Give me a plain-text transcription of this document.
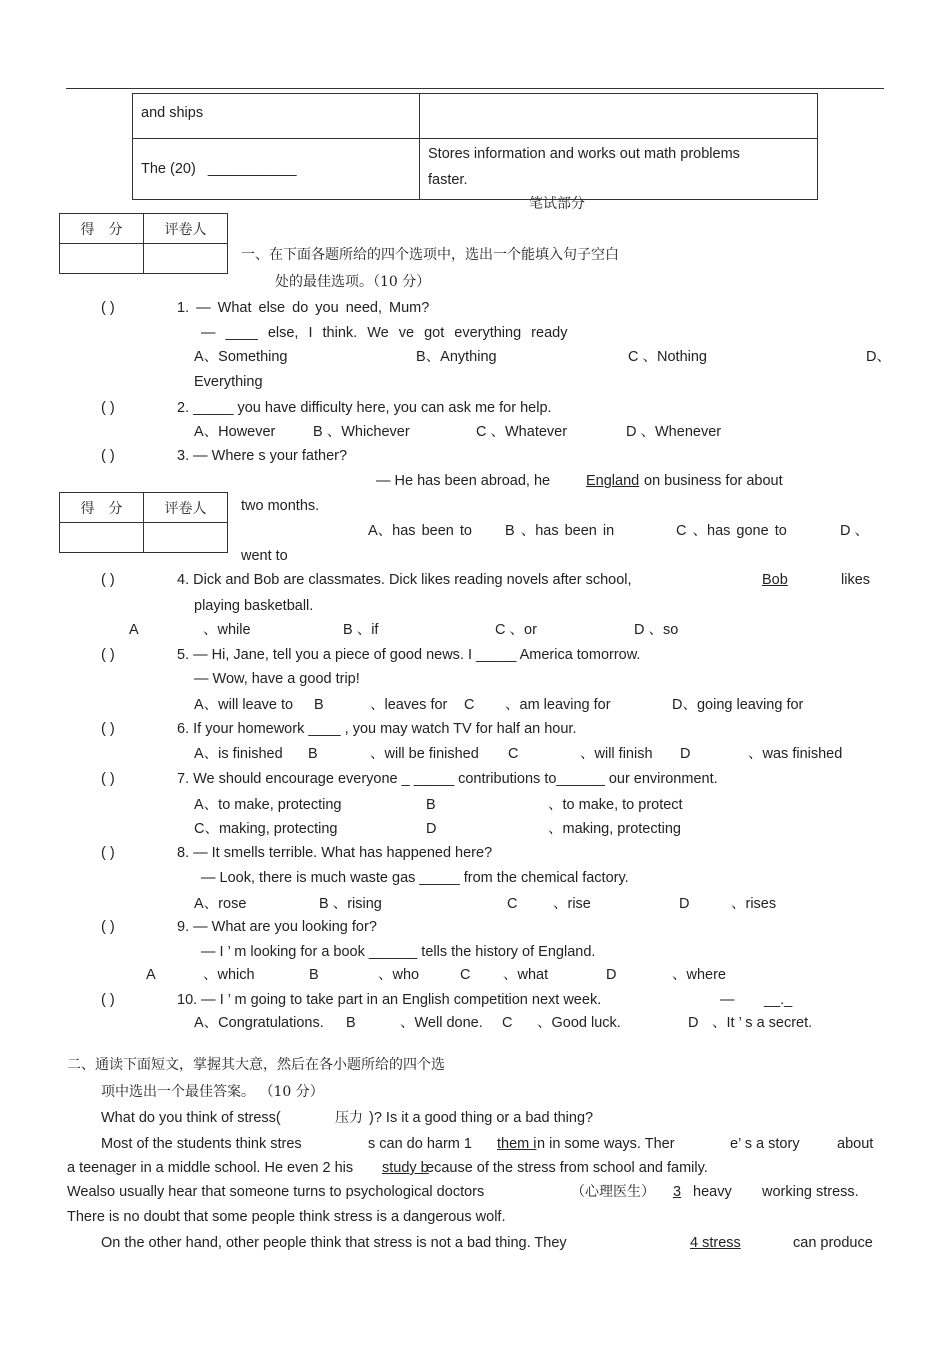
and ships	
The (20) ___________	Stores information and works out math problems
faster.
笔试部分
得　分	评卷人

一、在下面各题所给的四个选项中，选出一个能填入句子空白
处的最佳选项。（10 分）
( )	1. — What else do you need, Mum?
— ____ else, I think. We ve got everything ready
A、Something	B、Anything	C 、Nothing	D、
Everything
( )	2. _____ you have difficulty here, you can ask me for help.
A、However	B 、Whichever	C 、Whatever	D 、Whenever
( )	3. — Where s your father?
— He has been abroad, he England on business for about
得　分	评卷人
	two months.
A、has been to B 、has been in	C 、has gone to	D 、
went to
( )	4. Dick and Bob are classmates. Dick likes reading novels after school,	Bob	likes
playing basketball.
A	、while	B 、if	C 、or	D 、so
( )	5. — Hi, Jane, tell you a piece of good news. I _____ America tomorrow.
— Wow, have a good trip!
A、will leave to B	、leaves for C 、am leaving for	D、going leaving for
( )	6. If your homework ____ , you may watch TV for half an hour.
A、is finished B	、will be finished C	、will finish D	、was finished
( )	7. We should encourage everyone _ _____ contributions to______ our environment.
A、to make, protecting	B	、to make, to protect
C、making, protecting	D	、making, protecting
( )	8. — It smells terrible. What has happened here?
— Look, there is much waste gas _____ from the chemical factory.
A、rose	B 、rising	C 、rise	D	、rises
( )	9. — What are you looking for?
— I ’ m looking for a book ______ tells the history of England.
A	、which	B	、who	C 、what	D	、where
( )	10. — I ’ m going to take part in an English competition next week.	— __._
A、Congratulations. B	、Well done. C 、Good luck.	D 、It ’ s a secret.
二、通读下面短文，掌握其大意，然后在各小题所给的四个选
项中选出一个最佳答案。 （10 分）
What do you think of stress(	压力 )? Is it a good thing or a bad thing?
Most of the students think stres	s can do harm 1 them i n in some ways. Ther	e’ s a story	about
a teenager in a middle school. He even 2 his study b
ecause of the stress from school and family.
Wealso usually hear that someone turns to psychological doctors	（心理医生）	3 heavy working stress.
There is no doubt that some people think stress is a dangerous wolf.
On the other hand, other people think that stress is not a bad thing. They	4 stress	can produce
